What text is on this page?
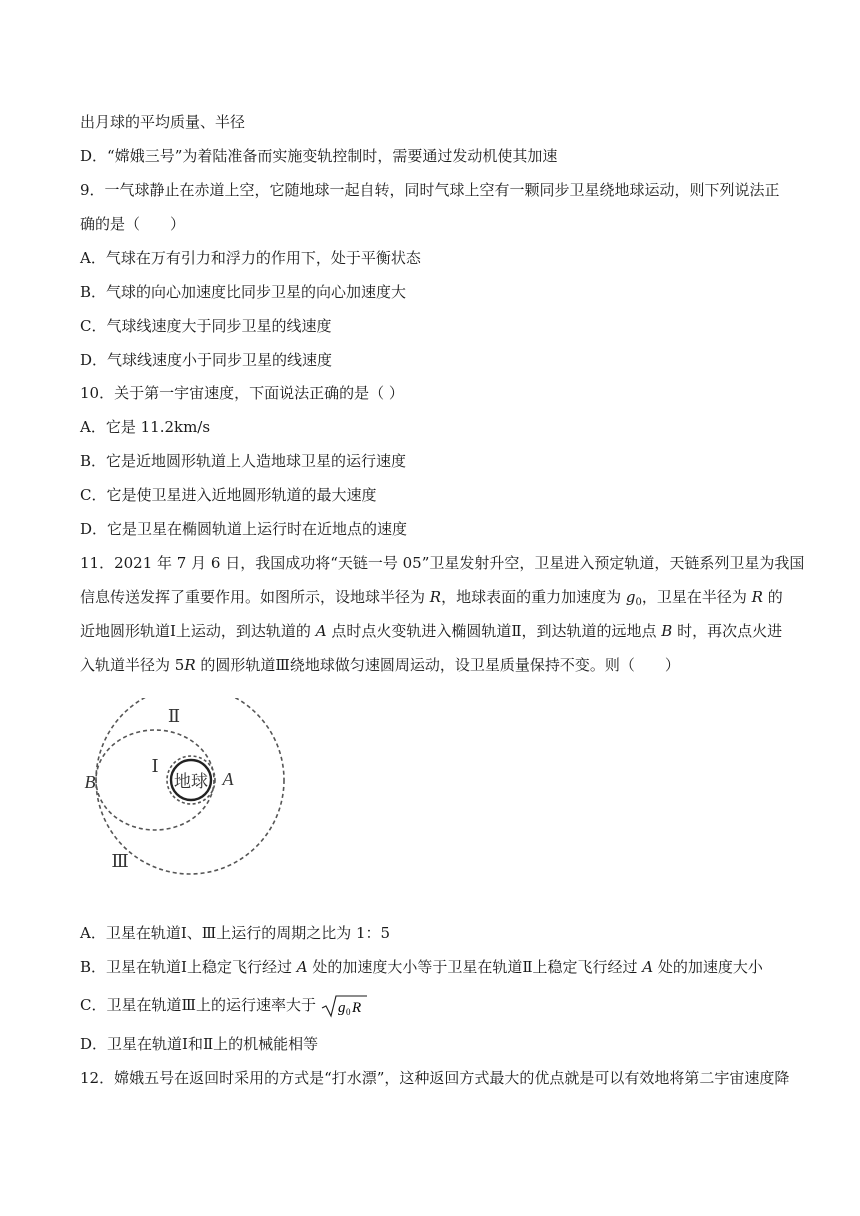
出月球的平均质量、半径
D．“嫦娥三号”为着陆准备而实施变轨控制时，需要通过发动机使其加速
9．一气球静止在赤道上空，它随地球一起自转，同时气球上空有一颗同步卫星绕地球运动，则下列说法正
确的是（　　）
A．气球在万有引力和浮力的作用下，处于平衡状态
B．气球的向心加速度比同步卫星的向心加速度大
C．气球线速度大于同步卫星的线速度
D．气球线速度小于同步卫星的线速度
10．关于第一宇宙速度，下面说法正确的是（ ）
A．它是 11.2km/s
B．它是近地圆形轨道上人造地球卫星的运行速度
C．它是使卫星进入近地圆形轨道的最大速度
D．它是卫星在椭圆轨道上运行时在近地点的速度
11．2021 年 7 月 6 日，我国成功将“天链一号 05”卫星发射升空，卫星进入预定轨道，天链系列卫星为我国
信息传送发挥了重要作用。如图所示，设地球半径为 R，地球表面的重力加速度为 $g_0$，卫星在半径为 R 的
近地圆形轨道Ⅰ上运动，到达轨道的 A 点时点火变轨进入椭圆轨道Ⅱ，到达轨道的远地点 B 时，再次点火进
入轨道半径为 5R 的圆形轨道Ⅲ绕地球做匀速圆周运动，设卫星质量保持不变。则（　　）
地球
Ⅱ
Ⅰ
Ⅲ
B	A
A．卫星在轨道Ⅰ、Ⅲ上运行的周期之比为 1：5
B．卫星在轨道Ⅰ上稳定飞行经过 A 处的加速度大小等于卫星在轨道Ⅱ上稳定飞行经过 A 处的加速度大小
C．卫星在轨道Ⅲ上的运行速率大于 g 0 R
D．卫星在轨道Ⅰ和Ⅱ上的机械能相等
12．嫦娥五号在返回时采用的方式是“打水漂”，这种返回方式最大的优点就是可以有效地将第二宇宙速度降
